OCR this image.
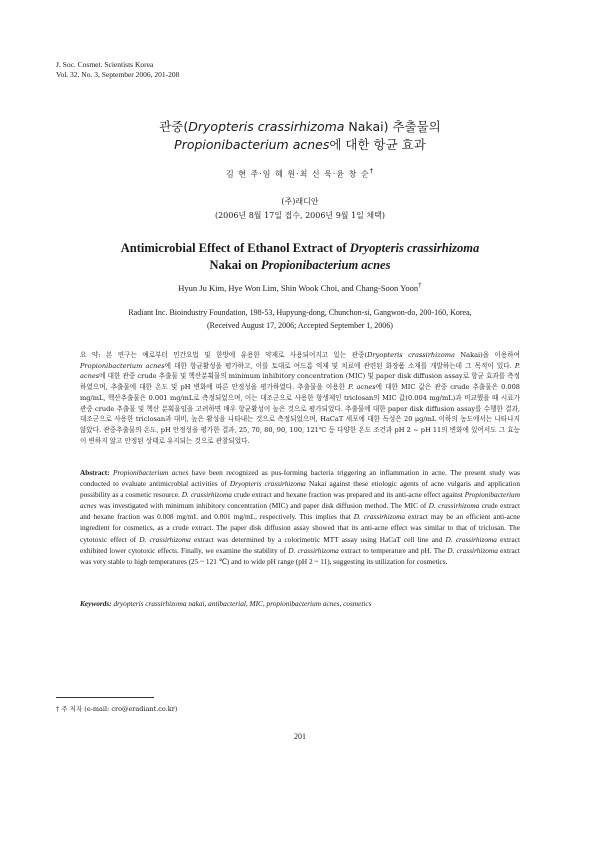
J. Soc. Cosmet. Scientists Korea
Vol. 32, No. 3, September 2006, 201-208
관중(Dryopteris crassirhizoma Nakai) 추출물의
Propionibacterium acnes에 대한 항균 효과
김 현 주·임 혜 원·최 신 욱·윤 창 순†
(주)래디안
(2006년 8월 17일 접수, 2006년 9월 1일 채택)
Antimicrobial Effect of Ethanol Extract of Dryopteris crassirhizoma
Nakai on Propionibacterium acnes
Hyun Ju Kim, Hye Won Lim, Shin Wook Choi, and Chang-Soon Yoon†
Radiant Inc. Bioindustry Foundation, 198-53, Hupyung-dong, Chunchon-si, Gangwon-do, 200-160, Korea,
(Received August 17, 2006; Accepted September 1, 2006)
요 약: 본 연구는 예로부터 민간요법 및 한방에 유용한 약재로 사용되어지고 있는 관중(Dryopteris crassirhizoma Nakai)을 이용하여 Propionibacterium acnes에 대한 항균활성을 평가하고, 이를 토대로 여드름 억제 및 치료에 관련된 화장품 소재를 개발하는데 그 목적이 있다. P. acnes에 대한 관중 crude 추출물 및 헥산분획물의 minimum inhibitory concentration (MIC) 및 paper disk diffusion assay로 항균 효과를 측정하였으며, 추출물에 대한 온도 및 pH 변화에 따른 안정성을 평가하였다. 추출물을 이용한 P. acnes에 대한 MIC 값은 관중 crude 추출물은 0.008 mg/mL, 헥산추출물은 0.001 mg/mL로 측정되었으며, 이는 대조군으로 사용한 항생제인 triclosan의 MIC 값(0.004 mg/mL)과 비교했을 때 시료가 관중 crude 추출물 및 헥산 분획물임을 고려하면 매우 항균활성이 높은 것으로 평가되었다. 추출물에 대한 paper disk diffusion assay를 수행한 결과, 대조군으로 사용한 triclosan과 대비, 높은 활성을 나타내는 것으로 측정되었으며, HaCaT 세포에 대한 독성은 20 μg/mL 이하의 농도에서는 나타나지 않았다. 관중추출물의 온도, pH 안정성을 평가한 결과, 25, 70, 80, 90, 100, 121℃ 등 다양한 온도 조건과 pH 2 ~ pH 11의 변화에 있어서도 그 효능이 변하지 않고 안정된 상태로 유지되는 것으로 관찰되었다.
Abstract: Propionibacterium acnes have been recognized as pus-forming bacteria triggering an inflammation in acne. The present study was conducted to evaluate antimicrobial activities of Dryopteris crassirhizoma Nakai against these etiologic agents of acne vulgaris and application possibility as a cosmetic resource. D. crassirhizoma crude extract and hexane fraction was prepared and its anti-acne effect against Propionibacterium acnes was investigated with minimum inhibitory concentration (MIC) and paper disk diffusion method. The MIC of D. crassirhizoma crude extract and hexane fraction was 0.008 mg/mL and 0.001 mg/mL, respectively. This implies that D. crassirhizoma extract may be an efficient anti-acne ingredient for cosmetics, as a crude extract. The paper disk diffusion assay showed that its anti-acne effect was similar to that of triclosan. The cytotoxic effect of D. crassirhizoma extract was determined by a colorimetric MTT assay using HaCaT cell line and D. crassirhizoma extract exhibited lower cytotoxic effects. Finally, we examine the stability of D. crassirhizoma extract to temperature and pH. The D. crassirhizoma extract was very stable to high temperatures (25 ~ 121 ℃) and to wide pH range (pH 2 ~ 11), suggesting its utilization for cosmetics.
Keywords: dryopteris crassirhizoma nakai, antibacterial, MIC, propionibacterium acnes, cosmetics
† 주 저자 (e-mail: cro@eradiant.co.kr)
201
